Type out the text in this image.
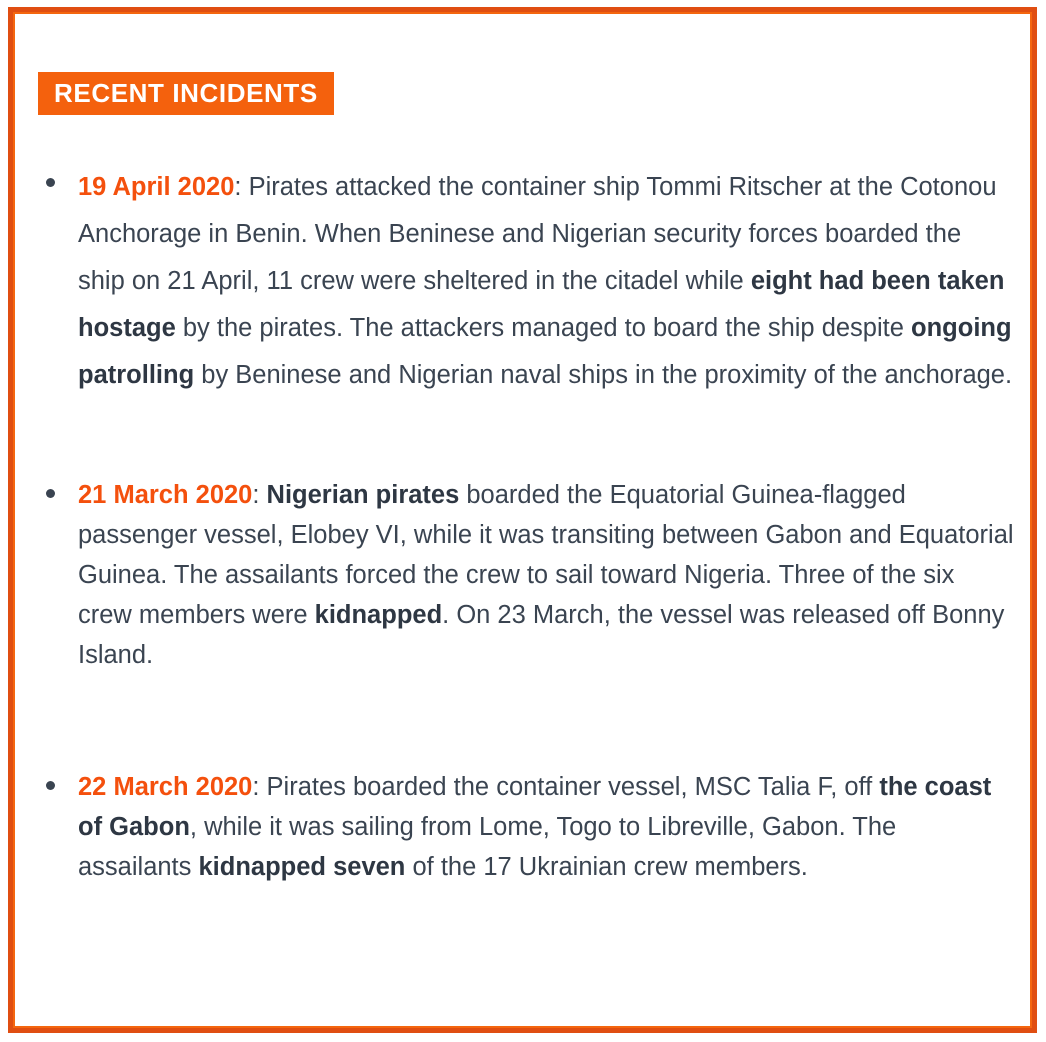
RECENT INCIDENTS
19 April 2020: Pirates attacked the container ship Tommi Ritscher at the Cotonou Anchorage in Benin. When Beninese and Nigerian security forces boarded the ship on 21 April, 11 crew were sheltered in the citadel while eight had been taken hostage by the pirates. The attackers managed to board the ship despite ongoing patrolling by Beninese and Nigerian naval ships in the proximity of the anchorage.
21 March 2020: Nigerian pirates boarded the Equatorial Guinea-flagged passenger vessel, Elobey VI, while it was transiting between Gabon and Equatorial Guinea. The assailants forced the crew to sail toward Nigeria. Three of the six crew members were kidnapped. On 23 March, the vessel was released off Bonny Island.
22 March 2020: Pirates boarded the container vessel, MSC Talia F, off the coast of Gabon, while it was sailing from Lome, Togo to Libreville, Gabon. The assailants kidnapped seven of the 17 Ukrainian crew members.
